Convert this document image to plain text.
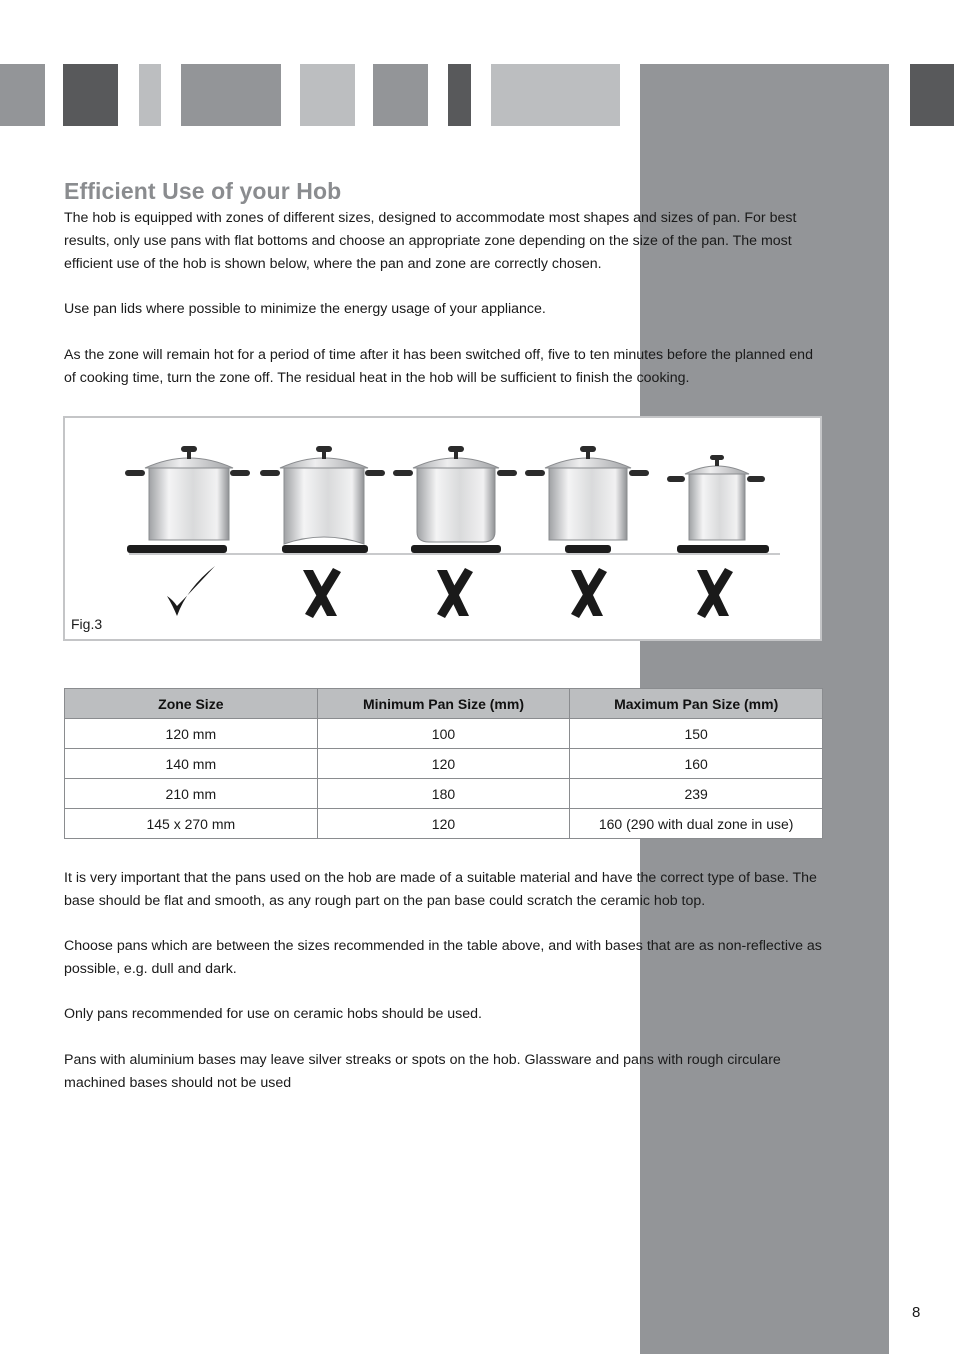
Efficient Use of your Hob

The hob is equipped with zones of different sizes, designed to accommodate most shapes and sizes of pan. For best results, only use pans with flat bottoms and choose an appropriate zone depending on the size of the pan. The most efficient use of the hob is shown below, where the pan and zone are correctly chosen.

Use pan lids where possible to minimize the energy usage of your appliance.

As the zone will remain hot for a period of time after it has been switched off, five to ten minutes before the planned end of cooking time, turn the zone off. The residual heat in the hob will be sufficient to finish the cooking.

Fig.3
Zone Size	Minimum Pan Size (mm)	Maximum Pan Size (mm)
120 mm	100	150
140 mm	120	160
210 mm	180	239
145 x 270 mm	120	160 (290 with dual zone in use)

It is very important that the pans used on the hob are made of a suitable material and have the correct type of base. The base should be flat and smooth, as any rough part on the pan base could scratch the ceramic hob top.

Choose pans which are between the sizes recommended in the table above, and with bases that are as non-reflective as possible, e.g. dull and dark.

Only pans recommended for use on ceramic hobs should be used.

Pans with aluminium bases may leave silver streaks or spots on the hob. Glassware and pans with rough circulare machined bases should not be used

8
